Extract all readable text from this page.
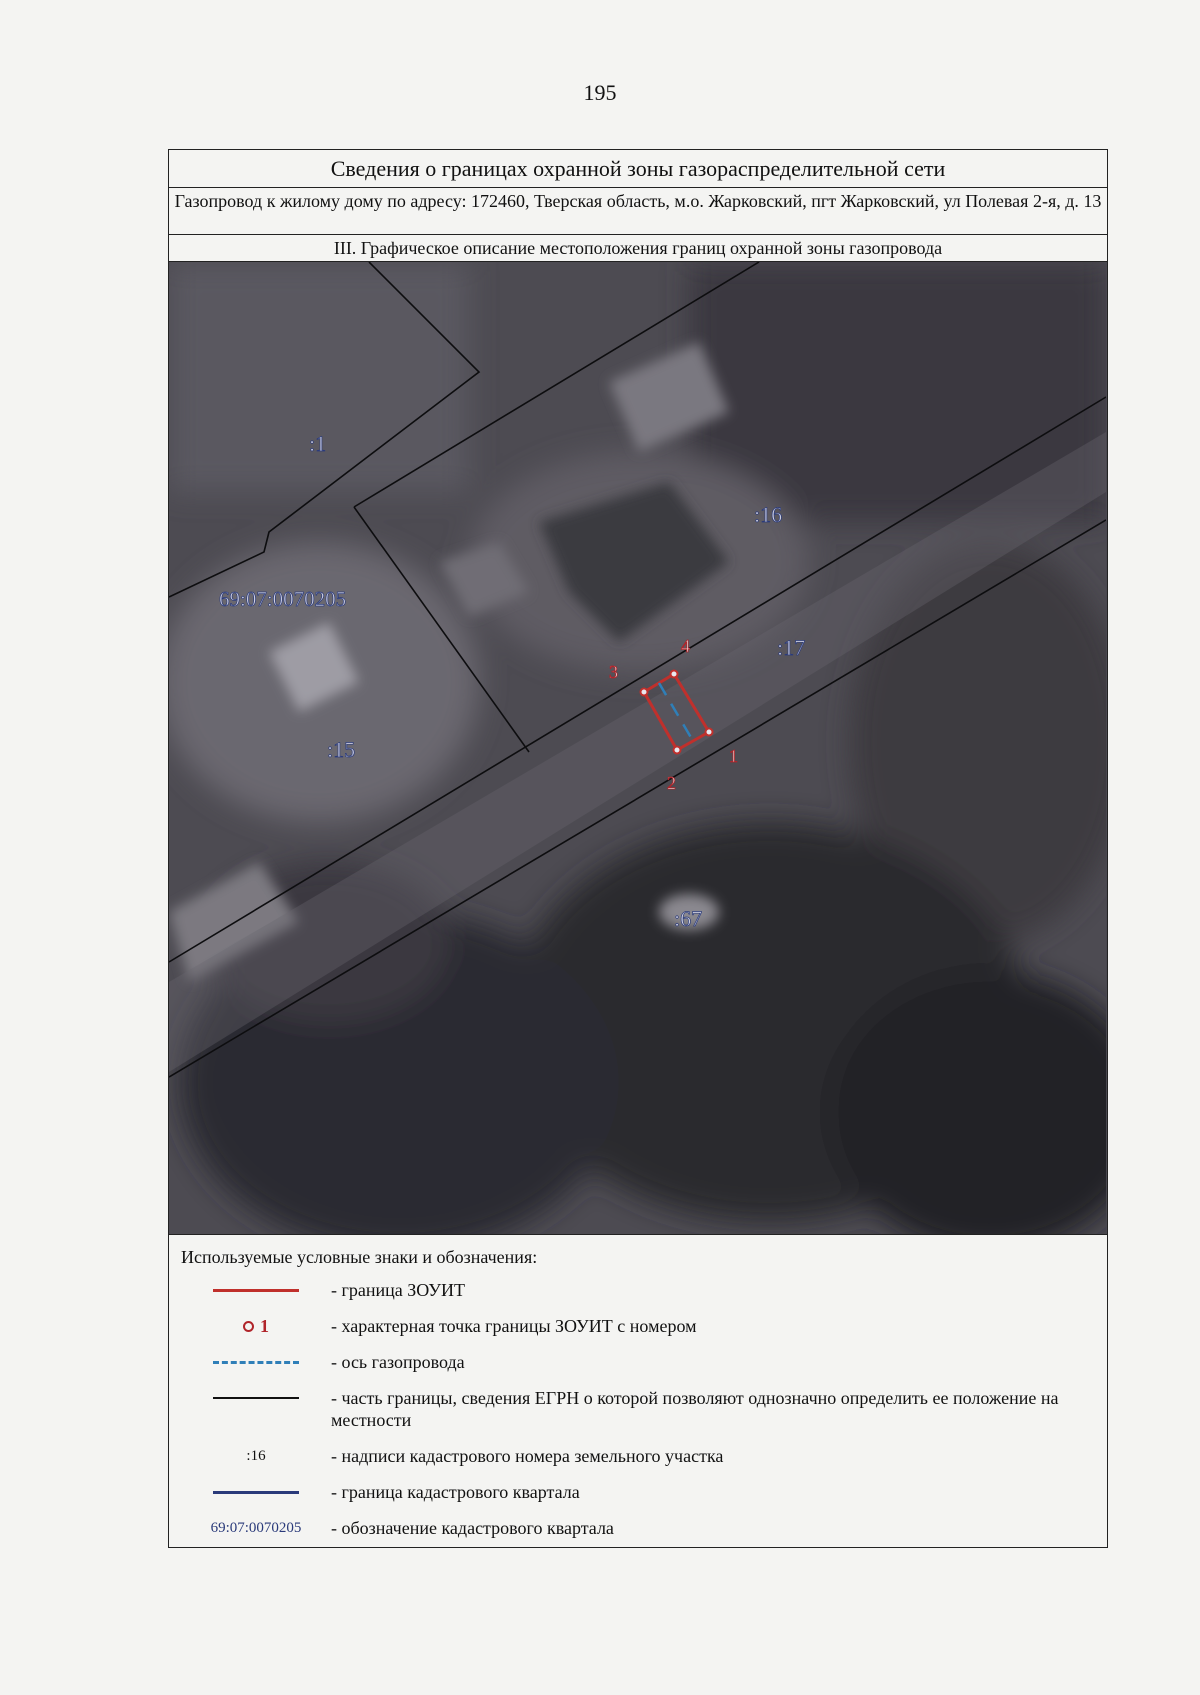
195
Сведения о границах охранной зоны газораспределительной сети
Газопровод к жилому дому по адресу: 172460, Тверская область, м.о. Жарковский, пгт Жарковский, ул Полевая 2-я, д. 13
III. Графическое описание местоположения границ охранной зоны газопровода
1
2
3
4
:1
:16
:17
:15
:67
69:07:0070205
Используемые условные знаки и обозначения:
- граница ЗОУИТ
1	- характерная точка границы ЗОУИТ с номером
- ось газопровода
- часть границы, сведения ЕГРН о которой позволяют однозначно определить ее положение на местности
:16	- надписи кадастрового номера земельного участка
- граница кадастрового квартала
69:07:0070205	- обозначение кадастрового квартала
